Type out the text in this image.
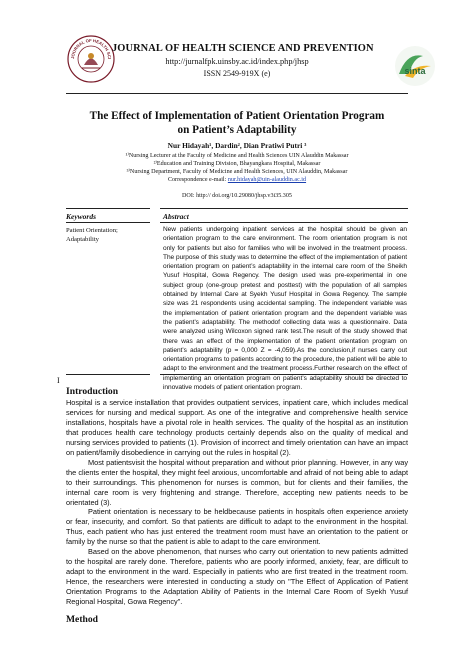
JOURNAL OF HEALTH SCI
JOURNAL OF HEALTH SCIENCE AND PREVENTION
http://jurnalfpk.uinsby.ac.id/index.php/jhsp
ISSN 2549-919X (e)	sinta
The Effect of Implementation of Patient Orientation Program
on Patient’s Adaptability
Nur Hidayah¹, Dardin², Dian Pratiwi Putri ³
¹⁾Nursing Lecturer at the Faculty of Medicine and Health Sciences UIN Alauddin Makassar
²⁾Education and Training Division, Bhayangkara Hospital, Makassar
³⁾Nursing Department, Faculty of Medicine and Health Sciences, UIN Alauddin, Makassar
Correspondence e-mail: nur.hidayah@uin-alauddin.ac.id
DOI: http:// doi.org/10.29080/jhsp.v3i35.305
Keywords	Abstract
Patient Orientation; Adaptability
New patients undergoing inpatient services at the hospital should be given an orientation program to the care environment. The room orientation program is not only for patients but also for families who will be involved in the treatment process. The purpose of this study was to determine the effect of the implementation of patient orientation program on patient’s adaptability in the internal care room of the Sheikh Yusuf Hospital, Gowa Regency. The design used was pre-experimental in one subject group (one-group pretest and posttest) with the population of all samples obtained by Internal Care at Syekh Yusuf Hospital in Gowa Regency. The sample size was 21 respondents using accidental sampling. The independent variable was the implementation of patient orientation program and the dependent variable was the patient’s adaptability. The methodof collecting data was a questionnaire. Data were analyzed using Wilcoxon signed rank test.The result of the study showed that there was an effect of the implementation of the patient orientation program on patient’s adaptability (p = 0,000 Z = -4,059).As the conclusion,if nurses carry out orientation programs to patients according to the procedure, the patient will be able to adapt to the environment and the treatment process.Further research on the effect of implementing an orientation program on patient’s adaptability should be directed to innovative models of patient orientation program.
I
Introduction

Hospital is a service installation that provides outpatient services, inpatient care, which includes medical services for nursing and medical support. As one of the integrative and comprehensive health service installations, hospitals have a pivotal role in health services. The quality of the hospital as an institution that produces health care technology products certainly depends also on the quality of medical and nursing services provided to patients (1). Provision of incorrect and timely orientation can have an impact on patient/family disobedience in carrying out the rules in hospital (2).

Most patientsvisit the hospital without preparation and without prior planning. However, in any way the clients enter the hospital, they might feel anxious, uncomfortable and afraid of not being able to adapt to their surroundings. This phenomenon for nurses is common, but for clients and their families, the internal care room is very frightening and strange. Therefore, accepting new patients needs to be orientated (3).

Patient orientation is necessary to be heldbecause patients in hospitals often experience anxiety or fear, insecurity, and comfort. So that patients are difficult to adapt to the environment in the hospital. Thus, each patient who has just entered the treatment room must have an orientation to the patient or family by the nurse so that the patient is able to adapt to the care environment.

Based on the above phenomenon, that nurses who carry out orientation to new patients admitted to the hospital are rarely done. Therefore, patients who are poorly informed, anxiety, fear, are difficult to adapt to the environment in the ward. Especially in patients who are first treated in the treatment room. Hence, the researchers were interested in conducting a study on "The Effect of Application of Patient Orientation Programs to the Adaptation Ability of Patients in the Internal Care Room of Syekh Yusuf Regional Hospital, Gowa Regency".

Method
